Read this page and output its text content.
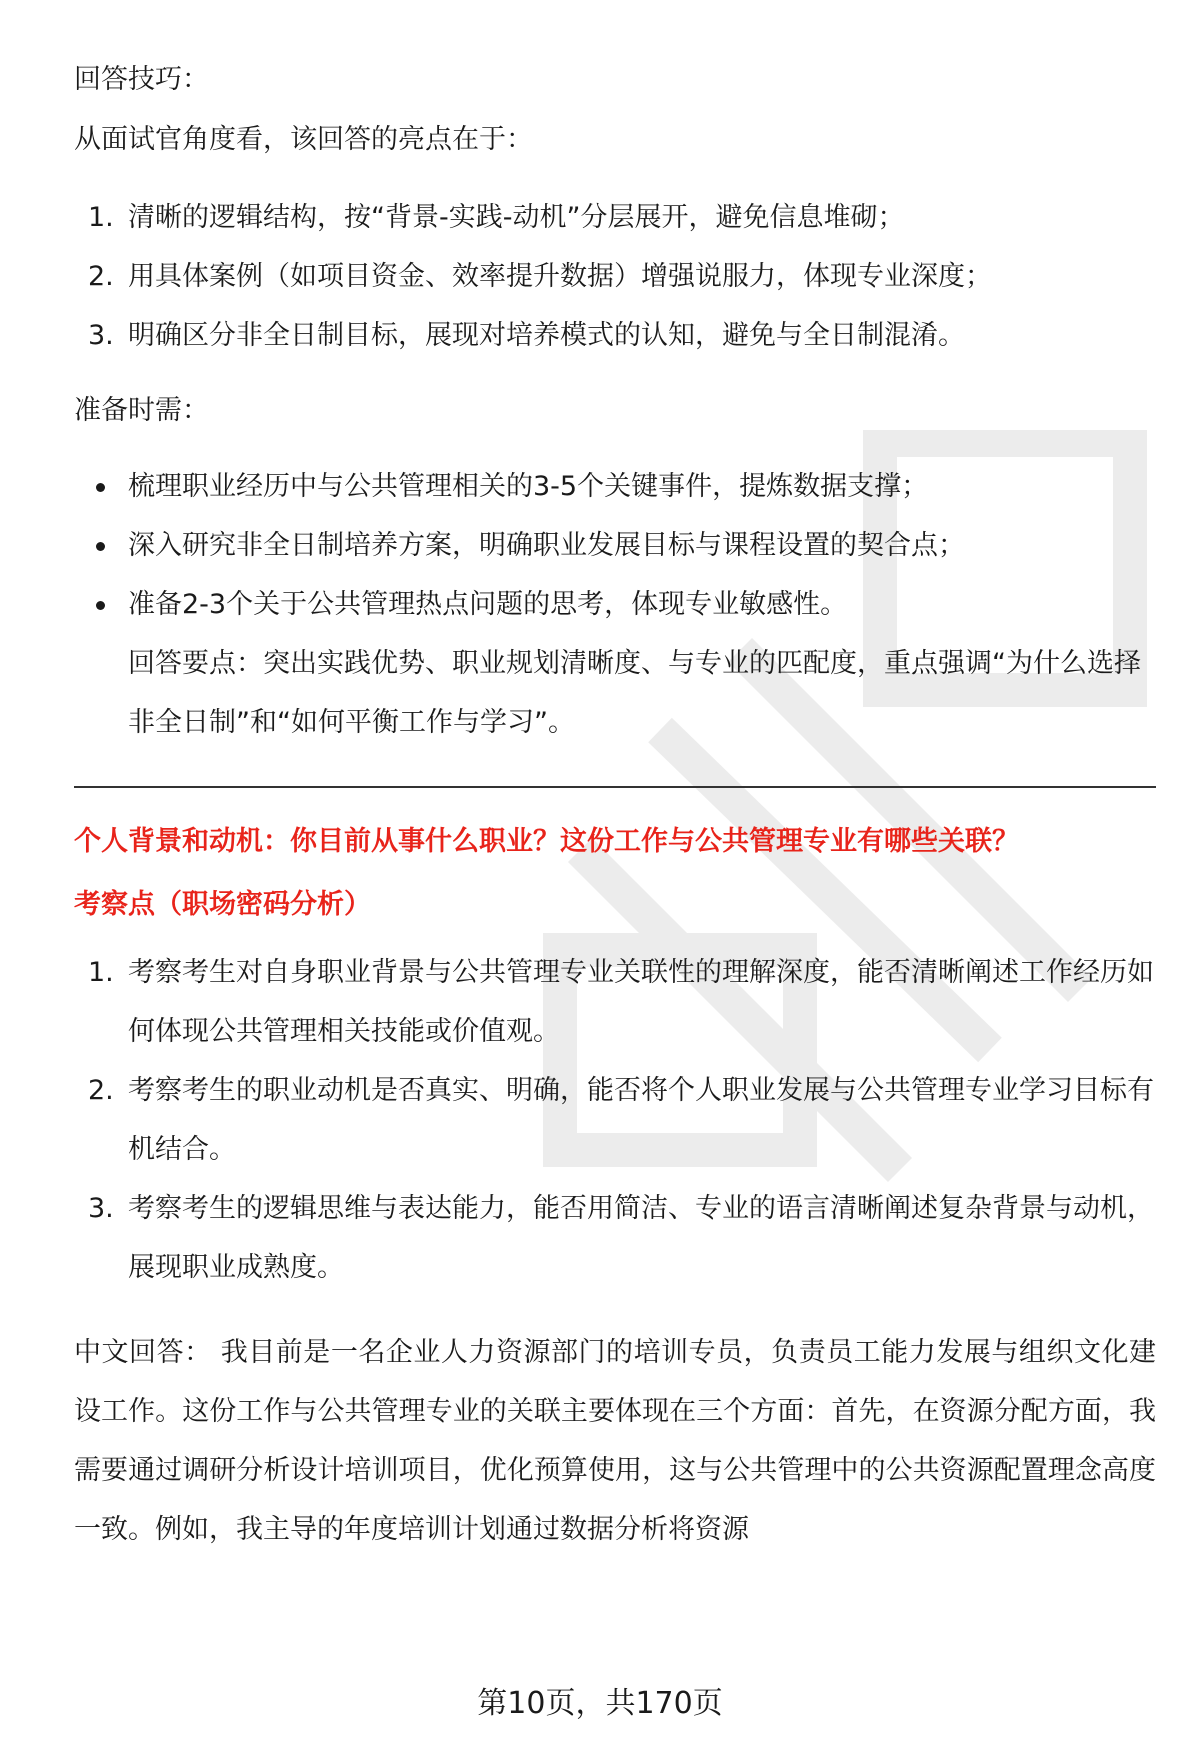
回答技巧：

从面试官角度看，该回答的亮点在于：

1. 清晰的逻辑结构，按“背景-实践-动机”分层展开，避免信息堆砌；
2. 用具体案例（如项目资金、效率提升数据）增强说服力，体现专业深度；
3. 明确区分非全日制目标，展现对培养模式的认知，避免与全日制混淆。

准备时需：

梳理职业经历中与公共管理相关的3-5个关键事件，提炼数据支撑；
深入研究非全日制培养方案，明确职业发展目标与课程设置的契合点；
准备2-3个关于公共管理热点问题的思考，体现专业敏感性。

回答要点：突出实践优势、职业规划清晰度、与专业的匹配度，重点强调“为什么选择非全日制”和“如何平衡工作与学习”。

个人背景和动机：你目前从事什么职业？这份工作与公共管理专业有哪些关联？

考察点（职场密码分析）

1. 考察考生对自身职业背景与公共管理专业关联性的理解深度，能否清晰阐述工作经历如何体现公共管理相关技能或价值观。
2. 考察考生的职业动机是否真实、明确，能否将个人职业发展与公共管理专业学习目标有机结合。
3. 考察考生的逻辑思维与表达能力，能否用简洁、专业的语言清晰阐述复杂背景与动机，展现职业成熟度。

中文回答： 我目前是一名企业人力资源部门的培训专员，负责员工能力发展与组织文化建设工作。这份工作与公共管理专业的关联主要体现在三个方面：首先，在资源分配方面，我需要通过调研分析设计培训项目，优化预算使用，这与公共管理中的公共资源配置理念高度一致。例如，我主导的年度培训计划通过数据分析将资源

第10页，共170页
